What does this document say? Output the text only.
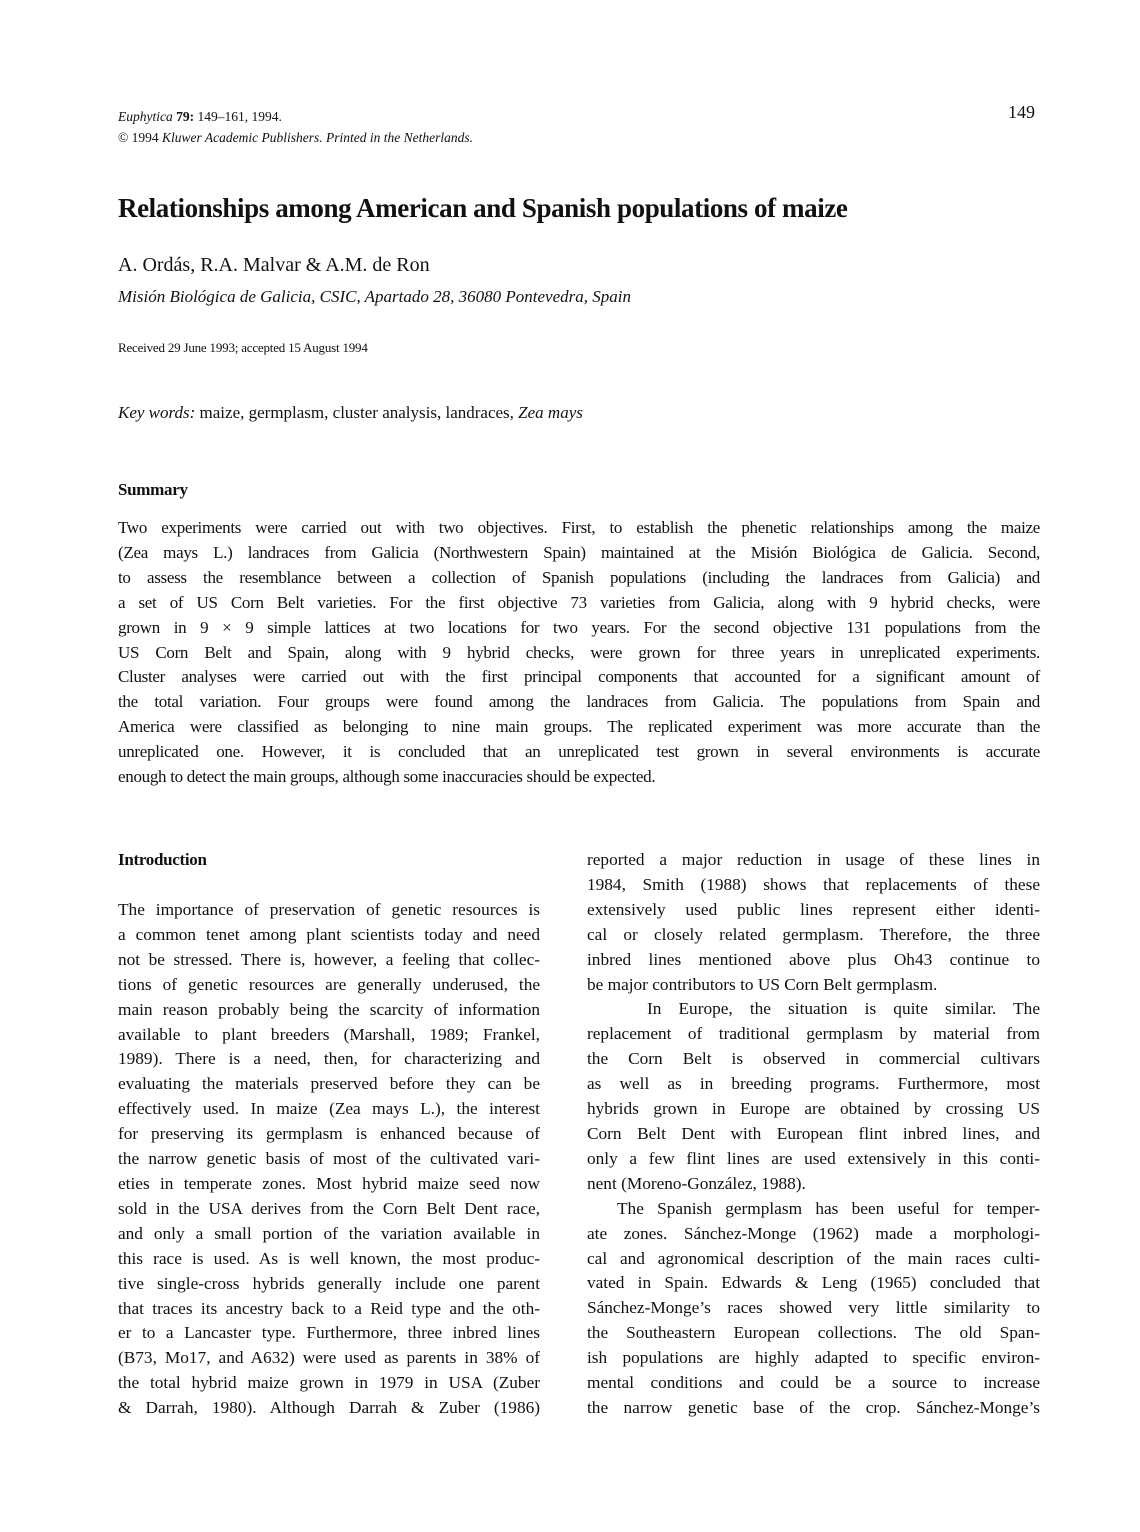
Euphytica 79: 149–161, 1994.
© 1994 Kluwer Academic Publishers. Printed in the Netherlands.
149
Relationships among American and Spanish populations of maize
A. Ordás, R.A. Malvar & A.M. de Ron
Misión Biológica de Galicia, CSIC, Apartado 28, 36080 Pontevedra, Spain
Received 29 June 1993; accepted 15 August 1994
Key words: maize, germplasm, cluster analysis, landraces, Zea mays
Summary
Two experiments were carried out with two objectives. First, to establish the phenetic relationships among the maize
(Zea mays L.) landraces from Galicia (Northwestern Spain) maintained at the Misión Biológica de Galicia. Second,
to assess the resemblance between a collection of Spanish populations (including the landraces from Galicia) and
a set of US Corn Belt varieties. For the first objective 73 varieties from Galicia, along with 9 hybrid checks, were
grown in 9 × 9 simple lattices at two locations for two years. For the second objective 131 populations from the
US Corn Belt and Spain, along with 9 hybrid checks, were grown for three years in unreplicated experiments.
Cluster analyses were carried out with the first principal components that accounted for a significant amount of
the total variation. Four groups were found among the landraces from Galicia. The populations from Spain and
America were classified as belonging to nine main groups. The replicated experiment was more accurate than the
unreplicated one. However, it is concluded that an unreplicated test grown in several environments is accurate
enough to detect the main groups, although some inaccuracies should be expected.
Introduction
The importance of preservation of genetic resources is
a common tenet among plant scientists today and need
not be stressed. There is, however, a feeling that collec-
tions of genetic resources are generally underused, the
main reason probably being the scarcity of information
available to plant breeders (Marshall, 1989; Frankel,
1989). There is a need, then, for characterizing and
evaluating the materials preserved before they can be
effectively used. In maize (Zea mays L.), the interest
for preserving its germplasm is enhanced because of
the narrow genetic basis of most of the cultivated vari-
eties in temperate zones. Most hybrid maize seed now
sold in the USA derives from the Corn Belt Dent race,
and only a small portion of the variation available in
this race is used. As is well known, the most produc-
tive single-cross hybrids generally include one parent
that traces its ancestry back to a Reid type and the oth-
er to a Lancaster type. Furthermore, three inbred lines
(B73, Mo17, and A632) were used as parents in 38% of
the total hybrid maize grown in 1979 in USA (Zuber
& Darrah, 1980). Although Darrah & Zuber (1986)
reported a major reduction in usage of these lines in
1984, Smith (1988) shows that replacements of these
extensively used public lines represent either identi-
cal or closely related germplasm. Therefore, the three
inbred lines mentioned above plus Oh43 continue to
be major contributors to US Corn Belt germplasm.
In Europe, the situation is quite similar. The
replacement of traditional germplasm by material from
the Corn Belt is observed in commercial cultivars
as well as in breeding programs. Furthermore, most
hybrids grown in Europe are obtained by crossing US
Corn Belt Dent with European flint inbred lines, and
only a few flint lines are used extensively in this conti-
nent (Moreno-González, 1988).
The Spanish germplasm has been useful for temper-
ate zones. Sánchez-Monge (1962) made a morphologi-
cal and agronomical description of the main races culti-
vated in Spain. Edwards & Leng (1965) concluded that
Sánchez-Monge’s races showed very little similarity to
the Southeastern European collections. The old Span-
ish populations are highly adapted to specific environ-
mental conditions and could be a source to increase
the narrow genetic base of the crop. Sánchez-Monge’s
